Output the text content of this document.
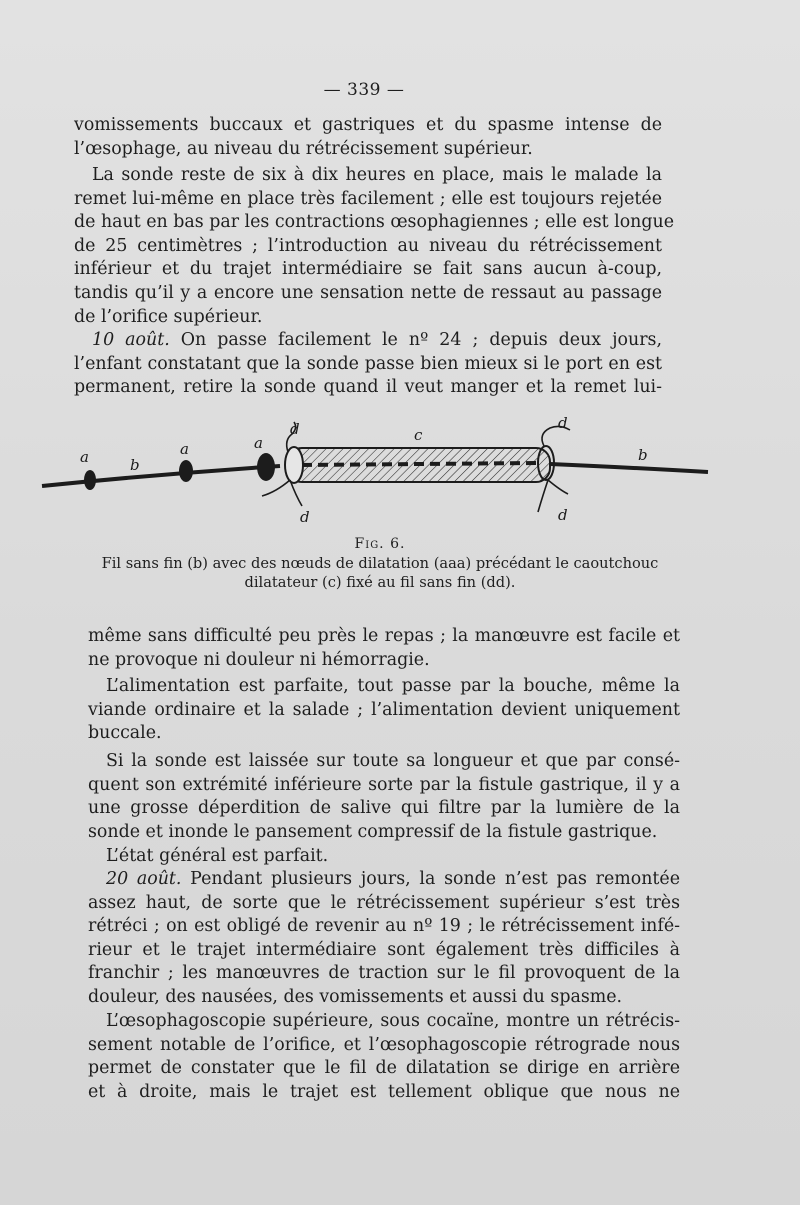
— 339 —
vomissements buccaux et gastriques et du spasme intense de
l’œsophage, au niveau du rétrécissement supérieur.
La sonde reste de six à dix heures en place, mais le malade la
remet lui-même en place très facilement ; elle est toujours rejetée
de haut en bas par les contractions œsophagiennes ; elle est longue
de 25 centimètres ; l’introduction au niveau du rétrécissement
inférieur et du trajet intermédiaire se fait sans aucun à-coup,
tandis qu’il y a encore une sensation nette de ressaut au passage
de l’orifice supérieur.
10 août. On passe facilement le nº 24 ; depuis deux jours,
l’enfant constatant que la sonde passe bien mieux si le port en est
permanent, retire la sonde quand il veut manger et la remet lui-
a	b
a	a
d	c
d
b
d	d
Fig. 6.
Fil sans fin (b) avec des nœuds de dilatation (aaa) précédant le caoutchouc
dilatateur (c) fixé au fil sans fin (dd).
même sans difficulté peu près le repas ; la manœuvre est facile et
ne provoque ni douleur ni hémorragie.
L’alimentation est parfaite, tout passe par la bouche, même la
viande ordinaire et la salade ; l’alimentation devient uniquement
buccale.
Si la sonde est laissée sur toute sa longueur et que par consé-
quent son extrémité inférieure sorte par la fistule gastrique, il y a
une grosse déperdition de salive qui filtre par la lumière de la
sonde et inonde le pansement compressif de la fistule gastrique.
L’état général est parfait.
20 août. Pendant plusieurs jours, la sonde n’est pas remontée
assez haut, de sorte que le rétrécissement supérieur s’est très
rétréci ; on est obligé de revenir au nº 19 ; le rétrécissement infé-
rieur et le trajet intermédiaire sont également très difficiles à
franchir ; les manœuvres de traction sur le fil provoquent de la
douleur, des nausées, des vomissements et aussi du spasme.
L’œsophagoscopie supérieure, sous cocaïne, montre un rétrécis-
sement notable de l’orifice, et l’œsophagoscopie rétrograde nous
permet de constater que le fil de dilatation se dirige en arrière
et à droite, mais le trajet est tellement oblique que nous ne
